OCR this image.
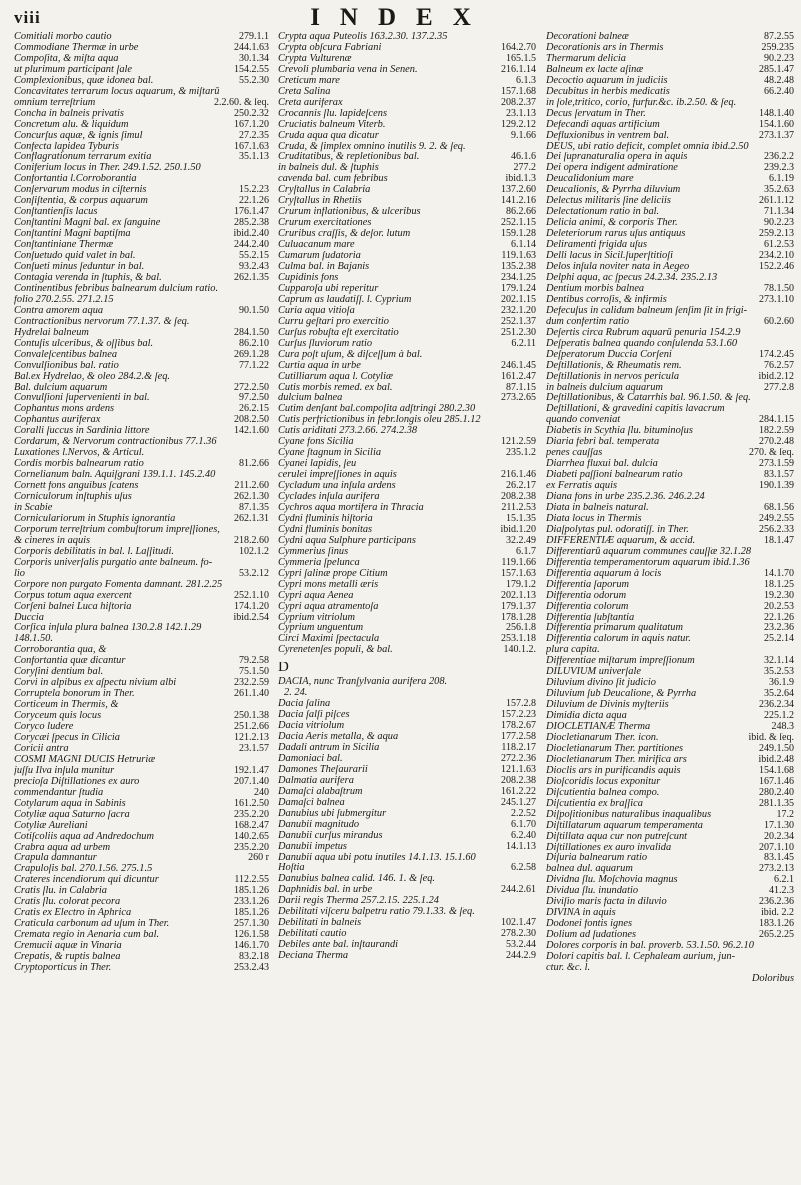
viii	INDEX
Comitiali morbo cautio	279.1.1
Commodiane Thermæ in urbe	244.1.63
Compoſita, & miſta aqua	30.1.34
ut plurimum participant ſale	154.2.55
Complexionibus, quæ idonea bal.	55.2.30
Concavitates terrarum locus aquarum, & miſtarū
omnium terreſtrium	2.2.60. & ſeq.
Concha in balneis privatis	250.2.32
Concretum alu. & liquidum	167.1.20
Concurſus aquæ, & ignis ſimul	27.2.35
Confecta lapidea Tyburis	167.1.63
Conflagrationum terrarum exitia	35.1.13
Coniferium locus in Ther. 249.1.52. 250.1.50
Confortantia l.Corroborantia
Conſervarum modus in ciſternis	15.2.23
Conſiſtentia, & corpus aquarum	22.1.26
Conſtantienſis lacus	176.1.47
Conſtantini Magni bal. ex ſanguine	285.2.38
Conſtantini Magni baptiſma	ibid.2.40
Conſtantiniane Thermæ	244.2.40
Conſuetudo quid valet in bal.	55.2.15
Conſueti minus ſeduntur in bal.	93.2.43
Contagia verenda in ſtuphis, & bal.	262.1.35
Continentibus febribus balnearum dulcium ratio.
folio 270.2.55. 271.2.15
Contra amorem aqua	90.1.50
Contractionibus nervorum 77.1.37. & ſeq.
Hydrelai balneum	284.1.50
Contuſis ulceribus, & oſſibus bal.	86.2.10
Convaleſcentibus balnea	269.1.28
Convulſionibus bal. ratio	77.1.22
Bal.ex Hydrelao, & oleo 284.2.& ſeq.
Bal. dulcium aquarum	272.2.50
Convulſioni ſupervenienti in bal.	97.2.50
Cophantus mons ardens	26.2.15
Cophantus auriferax	208.2.50
Coralli ſuccus in Sardinia littore	142.1.60
Cordarum, & Nervorum contractionibus 77.1.36
Luxationes l.Nervos, & Articul.
Cordis morbis balnearum ratio	81.2.66
Cornelianum baln. Aquiſgrani 139.1.1. 145.2.40
Cornett fons anguibus ſcatens	211.2.60
Corniculorum inſtuphis uſus	262.1.30
in Scabie	87.1.35
Corniculariorum in Stuphis ignorantia	262.1.31
Corporum terreſtrium combuſtorum impreſſiones,
& cineres in aquis	218.2.60
Corporis debilitatis in bal. l. Laſſitudi.	102.1.2
Corporis univerſalis purgatio ante balneum. fo-
lio	53.2.12
Corpore non purgato Fomenta damnant. 281.2.25
Corpus totum aqua exercent	252.1.10
Corſeni balnei Luca hiſtoria	174.1.20
Duccia	ibid.2.54
Corſica inſula plura balnea 130.2.8 142.1.29
148.1.50.
Corroborantia qua, &
Confortantia quæ dicantur	79.2.58
Coryſini dentium bal.	75.1.50
Corvi in alpibus ex aſpectu nivium albi	232.2.59
Corruptela bonorum in Ther.	261.1.40
Corticeum in Thermis, &
Coryceum quis locus	250.1.38
Coryco ludere	251.2.66
Corycæi ſpecus in Cilicia	121.2.13
Coricii antra	23.1.57
COSMI MAGNI DUCIS Hetruriæ
juſſu Ilva inſula munitur	192.1.47
precioſa Diſtillationes ex auro	207.1.40
commendantur ſtudia	240
Cotylarum aqua in Sabinis	161.2.50
Cotyliæ aqua Saturno ſacra	235.2.20
Cotyliæ Aureliani	168.2.47
Cotiſcoliis aqua ad Andredochum	140.2.65
Crabra aqua ad urbem	235.2.20
Crapula damnantur	260 r
Crapuloſis bal. 270.1.56. 275.1.5
Crateres incendiorum qui dicuntur	112.2.55
Cratis ſlu. in Calabria	185.1.26
Cratis ſlu. colorat pecora	233.1.26
Cratis ex Electro in Aphrica	185.1.26
Craticula carbonum ad uſum in Ther.	257.1.30
Cremata regio in Aenaria cum bal.	126.1.58
Cremucii aquæ in Vinaria	146.1.70
Crepatis, & ruptis balnea	83.2.18
Cryptoporticus in Ther.	253.2.43
Crypta aqua Puteolis 163.2.30. 137.2.35
Crypta obſcura Fabriani	164.2.70
Crypta Vulturenæ	165.1.5
Crevoli plumbaria vena in Senen.	216.1.14
Creticum mare	6.1.3
Creta Salina	157.1.68
Creta auriferax	208.2.37
Crocannis ſlu. lapideſcens	23.1.13
Cruciatis balneum Viterb.	129.2.12
Cruda aqua qua dicatur	9.1.66
Cruda, & ſimplex omnino inutilis 9. 2. & ſeq.
Cruditatibus, & repletionibus bal.	46.1.6
in balneis dul. & ſtuphis	277.2
cavenda bal. cum febribus	ibid.1.3
Cryſtallus in Calabria	137.2.60
Cryſtallus in Rhetiis	141.2.16
Crurum inflationibus, & ulceribus	86.2.66
Crurum exercitationes	252.1.15
Cruribus craſſis, & deſor. lutum	159.1.28
Culuacanum mare	6.1.14
Cumarum ſudatoria	119.1.63
Culma bal. in Bajanis	135.2.38
Cupidinis fons	234.1.25
Cupparoſa ubi reperitur	179.1.24
Caprum as laudatiſſ. l. Cyprium	202.1.15
Curia aqua vitioſa	232.1.20
Curru geſtari pro exercitio	252.1.37
Curſus robuſta eſt exercitatio	251.2.30
Curſus ſluviorum ratio	6.2.11
Cura poſt uſum, & diſceſſum à bal.
Curtia aqua in urbe	246.1.45
Cutilliarum aqua l. Cotyliæ	161.2.47
Cutis morbis remed. ex bal.	87.1.15
dulcium balnea	273.2.65
Cutim denſant bal.compoſita adſtringi 280.2.30
Cutis perfrictionibus in febr.longis oleu 285.1.12
Cutis ariditati 273.2.66. 274.2.38
Cyane fons Sicilia	121.2.59
Cyane ſtagnum in Sicilia	235.1.2
Cyanei lapidis, ſeu
cerulei impreſſiones in aquis	216.1.46
Cycladum una inſula ardens	26.2.17
Cyclades inſula aurifera	208.2.38
Cychros aqua mortifera in Thracia	211.2.53
Cydni fluminis hiſtoria	15.1.35
Cydni fluminis bonitas	ibid.1.20
Cydni aqua Sulphure participans	32.2.49
Cymmerius ſinus	6.1.7
Cymmeria ſpelunca	119.1.66
Cypri ſalinæ prope Citium	157.1.63
Cypri mons metalli æris	179.1.2
Cypri aqua Aenea	202.1.13
Cypri aqua atramentoſa	179.1.37
Cyprium vitriolum	178.1.28
Cyprium unguentum	256.1.8
Circi Maximi ſpectacula	253.1.18
Cyrenetenſes populi, & bal.	140.1.2.
D
DACIA, nunc Tranſylvania aurifera 208.
2. 24.
Dacia ſalina	157.2.8
Dacia ſalſi piſces	157.2.23
Dacia vitriolum	178.2.67
Dacia Aeris metalla, & aqua	177.2.58
Dadali antrum in Sicilia	118.2.17
Damoniaci bal.	272.2.36
Damones Theſaurarii	121.1.63
Dalmatia aurifera	208.2.38
Damaſci alabaſtrum	161.2.22
Damaſci balnea	245.1.27
Danubius ubi ſubmergitur	2.2.52
Danubii magnitudo	6.1.70
Danubii curſus mirandus	6.2.40
Danubii impetus	14.1.13
Danubii aqua ubi potu inutiles 14.1.13. 15.1.60
Hoſtia	6.2.58
Danubius balnea calid. 146. 1. & ſeq.
Daphnidis bal. in urbe	244.2.61
Darii regis Therma 257.2.15. 225.1.24
Debilitati viſceru balpetru ratio 79.1.33. & ſeq.
Debilitati in balneis	102.1.47
Debilitati cautio	278.2.30
Debiles ante bal. inſtaurandi	53.2.44
Deciana Therma	244.2.9
Decorationi balneæ	87.2.55
Decorationis ars in Thermis	259.235
Thermarum delicia	90.2.23
Balneum ex lacte aſinæ	285.1.47
Decoctio aquarum in judiciis	48.2.48
Decubitus in herbis medicatis	66.2.40
in ſole,tritico, corio, furfur.&c. ib.2.50. & ſeq.
Decus ſervatum in Ther.	148.1.40
Defecandi aquas artificium	154.1.60
Defluxionibus in ventrem bal.	273.1.37
DEUS, ubi ratio deficit, complet omnia ibid.2.50
Dei ſupranaturalia opera in aquis	236.2.2
Dei opera indigent admiratione	239.2.3
Deucalidonium mare	6.1.19
Deucalionis, & Pyrrha diluvium	35.2.63
Delectus militaris ſine deliciis	261.1.12
Delectationum ratio in bal.	71.1.34
Delicia animi, & corporis Ther.	90.2.23
Deleteriorum rarus uſus antiquus	259.2.13
Deliramenti frigida uſus	61.2.53
Delli lacus in Sicil.ſuperſtitioſi	234.2.10
Delos inſula noviter nata in Aegeo	152.2.46
Delphi aqua, ac ſpecus 24.2.34. 235.2.13
Dentium morbis balnea	78.1.50
Dentibus corroſis, & infirmis	273.1.10
Defecuſus in calidum balneum ſenſim ſit in frigi-
dum confertim ratio	60.2.60
Deſertis circa Rubrum aquarū penuria 154.2.9
Deſperatis balnea quando conſulenda 53.1.60
Deſperatorum Duccia Corſeni	174.2.45
Deſtillationis, & Rheumatis rem.	76.2.57
Deſtillationis in nervos pericula	ibid.2.12
in balneis dulcium aquarum	277.2.8
Deſtillationibus, & Catarrhis bal. 96.1.50. & ſeq.
Deſtillationi, & gravedini capitis lavacrum
quando conveniat	284.1.15
Diabetis in Scythia ſlu. bituminoſus	182.2.59
Diaria febri bal. temperata	270.2.48
penes cauſſas	270. & ſeq.
Diarrhea fluxui bal. dulcia	273.1.59
Diabeti paſſioni balnearum ratio	83.1.57
ex Ferratis aquis	190.1.39
Diana fons in urbe 235.2.36. 246.2.24
Diata in balneis natural.	68.1.56
Diata locus in Thermis	249.2.55
Diaſpolytas pul. odoratiſſ. in Ther.	256.2.33
DIFFERENTIÆ aquarum, & accid.	18.1.47
Differentiarū aquarum communes cauſſæ 32.1.28
Differentia temperamentorum aquarum ibid.1.36
Differentia aquarum à locis	14.1.70
Differentia ſaporum	18.1.25
Differentia odorum	19.2.30
Differentia colorum	20.2.53
Differentia ſubſtantia	22.1.26
Differentia primarum qualitatum	23.2.36
Differentia calorum in aquis natur.	25.2.14
plura capita.
Differentiae miſtarum impreſſionum	32.1.14
DILUVIUM univerſale	35.2.53
Diluvium divino ſit judicio	36.1.9
Diluvium ſub Deucalione, & Pyrrha	35.2.64
Diluvium de Divinis myſteriis	236.2.34
Dimidia dicta aqua	225.1.2
DIOCLETIANÆ Therma	248.3
Diocletianarum Ther. icon.	ibid. & ſeq.
Diocletianarum Ther. partitiones	249.1.50
Diocletianarum Ther. mirifica ars	ibid.2.48
Dioclis ars in purificandis aquis	154.1.68
Dioſcoridis locus exponitur	167.1.46
Diſcutientia balnea compo.	280.2.40
Diſcutientia ex braſſica	281.1.35
Diſpoſitionibus naturalibus inaqualibus	17.2
Diſtillatarum aquarum temperamenta	17.1.30
Diſtillata aqua cur non putreſcunt	20.2.34
Diſtillationes ex auro invalida	207.1.10
Diſuria balnearum ratio	83.1.45
balnea dul. aquarum	273.2.13
Dividna ſlu. Moſchovia magnus	6.2.1
Dividua ſlu. inundatio	41.2.3
Diviſio maris facta in diluvio	236.2.36
DIVINA in aquis	ibid. 2.2
Dodonei fontis ignes	183.1.26
Dolium ad ſudationes	265.2.25
Dolores corporis in bal. proverb. 53.1.50. 96.2.10
Dolori capitis bal. l. Cephaleam aurium, jun-
ctur. &c. l.
Doloribus
